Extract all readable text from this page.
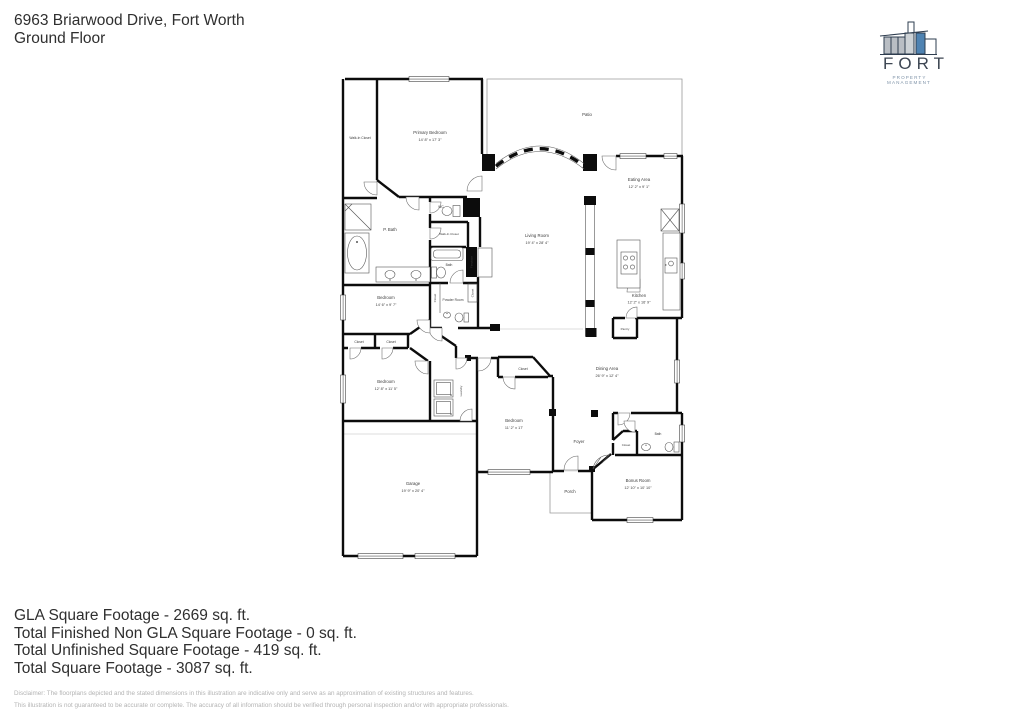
6963 Briarwood Drive, Fort Worth
Ground Floor
FORT
PROPERTY MANAGEMENT
Walk-In Closet
Primary Bedroom
14' 8" x 17' 3"
Patio
Eating Area
12' 2" x 9' 1"
Living Room
19' 4" x 28' 4"
WC
Walk-In Closet
P. Bath
Bath	Fireplace
Closet
Closet
Powder Room
Bedroom
14' 6" x 9' 7"
Closet	Closet
Bedroom
12' 8" x 11' 5"	Laundry
Kitchen
12' 2" x 16' 9"
Pantry
Dining Area
26' 9" x 12' 4"
Closet
Bedroom
11' 2" x 17'
Foyer
Garage
19' 9" x 20' 4"	Porch
Closet
Bath
Bonus Room
12' 10" x 10' 10"
GLA Square Footage - 2669 sq. ft.
Total Finished Non GLA Square Footage - 0 sq. ft.
Total Unfinished Square Footage - 419 sq. ft.
Total Square Footage - 3087 sq. ft.
Disclaimer: The floorplans depicted and the stated dimensions in this illustration are indicative only and serve as an approximation of existing structures and features.
This illustration is not guaranteed to be accurate or complete. The accuracy of all information should be verified through personal inspection and/or with appropriate professionals.
